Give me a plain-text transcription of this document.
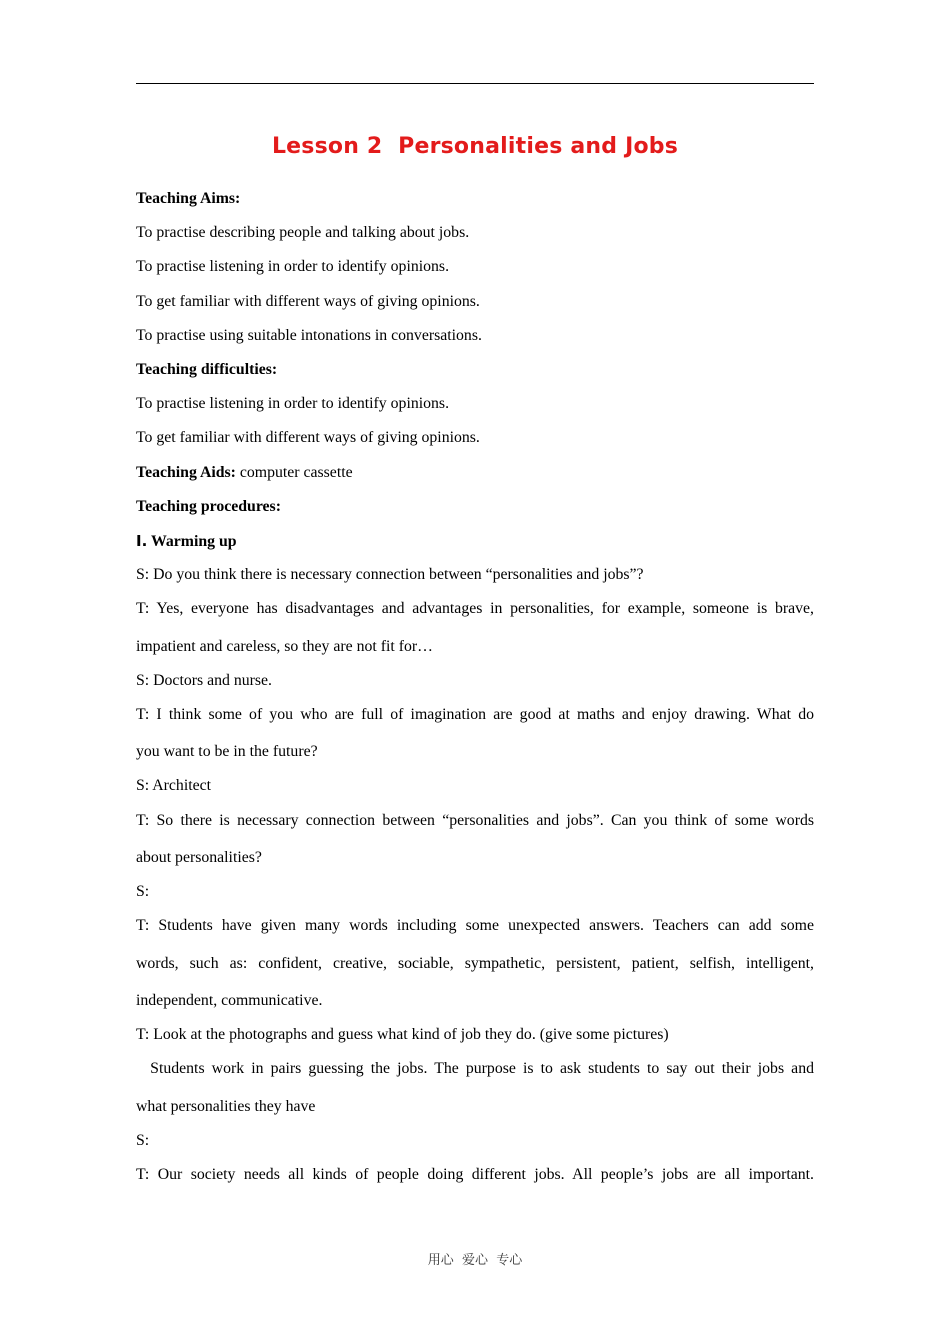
Lesson 2  Personalities and Jobs
Teaching Aims:
To practise describing people and talking about jobs.
To practise listening in order to identify opinions.
To get familiar with different ways of giving opinions.
To practise using suitable intonations in conversations.
Teaching difficulties:
To practise listening in order to identify opinions.
To get familiar with different ways of giving opinions.
Teaching Aids: computer cassette
Teaching procedures:
Ⅰ. Warming up
S: Do you think there is necessary connection between “personalities and jobs”?
T: Yes, everyone has disadvantages and advantages in personalities, for example, someone is brave,
impatient and careless, so they are not fit for…
S: Doctors and nurse.
T: I think some of you who are full of imagination are good at maths and enjoy drawing. What do
you want to be in the future?
S: Architect
T: So there is necessary connection between “personalities and jobs”. Can you think of some words
about personalities?
S:
T: Students have given many words including some unexpected answers. Teachers can add some
words, such as: confident, creative, sociable, sympathetic, persistent, patient, selfish, intelligent,
independent, communicative.
T: Look at the photographs and guess what kind of job they do. (give some pictures)
Students work in pairs guessing the jobs. The purpose is to ask students to say out their jobs and
what personalities they have
S:
T: Our society needs all kinds of people doing different jobs. All people’s jobs are all important.
用心  爱心  专心
